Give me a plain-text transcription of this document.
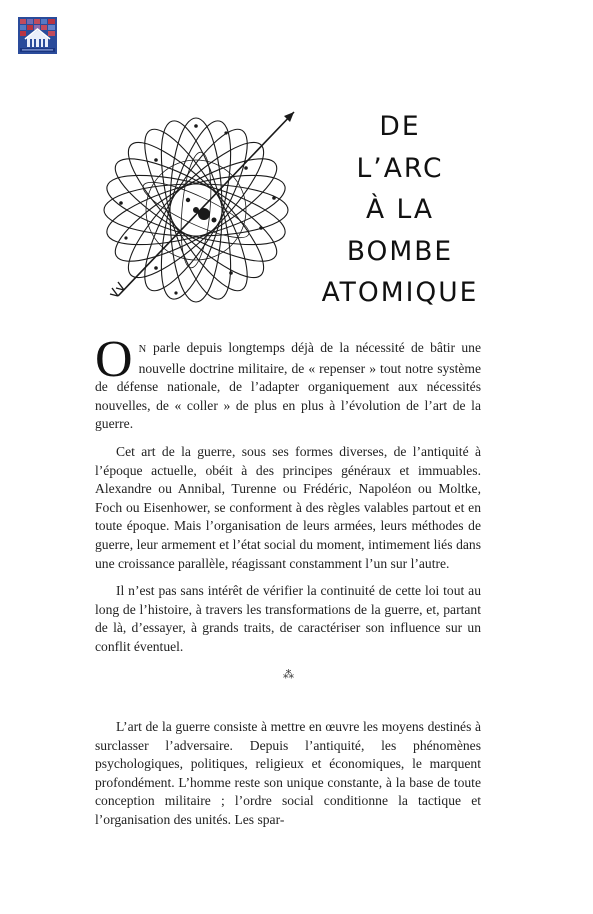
DE
L’ARC
À LA
BOMBE
ATOMIQUE

O N parle depuis longtemps déjà de la nécessité de bâtir une nouvelle doctrine militaire, de « repenser » tout notre système de défense nationale, de l’adapter organiquement aux nécessités nouvelles, de « coller » de plus en plus à l’évolution de l’art de la guerre.

Cet art de la guerre, sous ses formes diverses, de l’antiquité à l’époque actuelle, obéit à des principes généraux et immuables. Alexandre ou Annibal, Turenne ou Frédéric, Napoléon ou Moltke, Foch ou Eisenhower, se conforment à des règles valables partout et en toute époque. Mais l’organisation de leurs armées, leurs méthodes de guerre, leur armement et l’état social du moment, intimement liés dans une croissance parallèle, réagissant constamment l’un sur l’autre.

Il n’est pas sans intérêt de vérifier la continuité de cette loi tout au long de l’histoire, à travers les transformations de la guerre, et, partant de là, d’essayer, à grands traits, de caractériser son influence sur un conflit éventuel.

⁂

L’art de la guerre consiste à mettre en œuvre les moyens destinés à surclasser l’adversaire. Depuis l’antiquité, les phénomènes psychologiques, politiques, religieux et économiques, le marquent profondément. L’homme reste son unique constante, à la base de toute conception militaire ; l’ordre social conditionne la tactique et l’organisation des unités. Les spar-
